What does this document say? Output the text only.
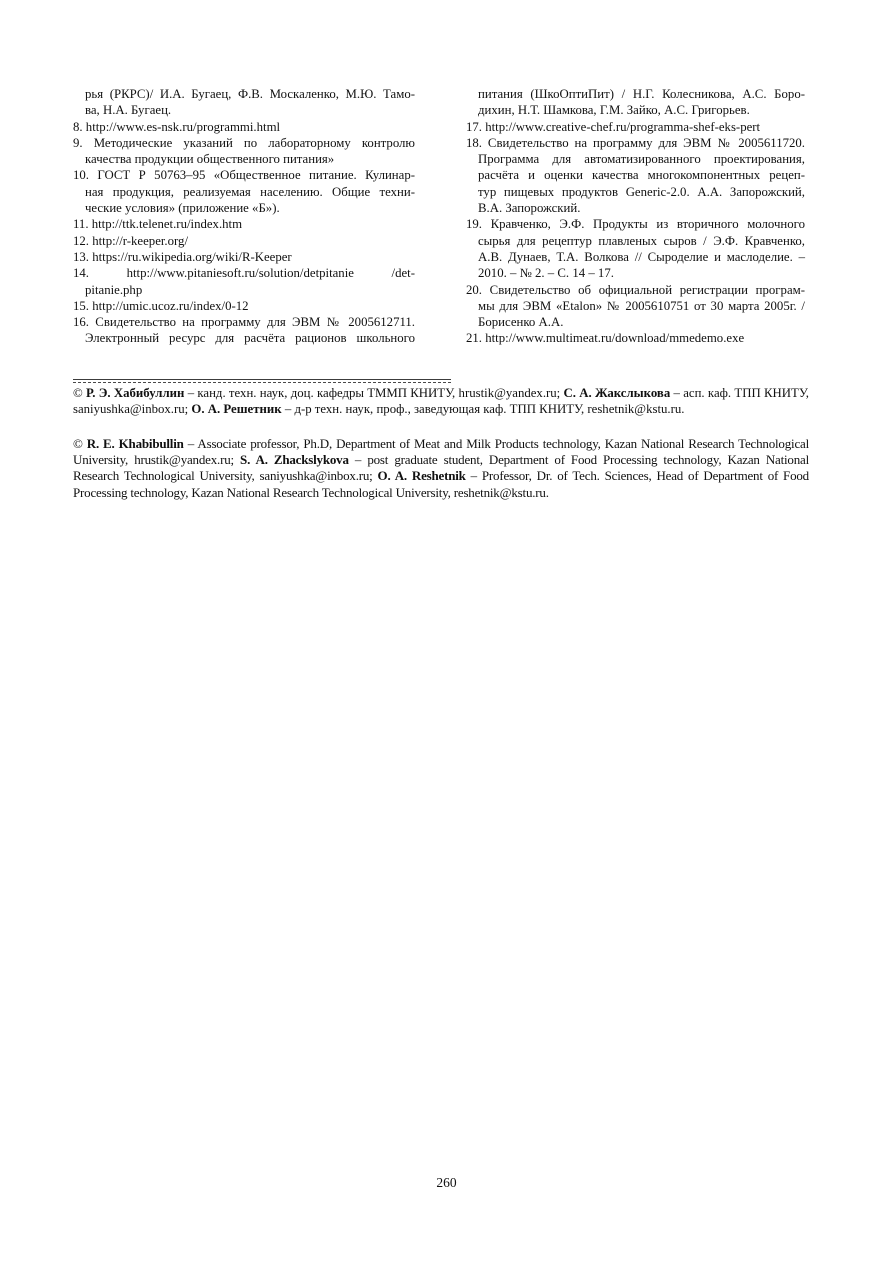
рья (РКРС)/ И.А. Бугаец, Ф.В. Москаленко, М.Ю. Тамо-
ва, Н.А. Бугаец.
8. http://www.es-nsk.ru/programmi.html
9. Методические указаний по лабораторному контролю
качества продукции общественного питания»
10. ГОСТ Р 50763–95 «Общественное питание. Кулинар-
ная продукция, реализуемая населению. Общие техни-
ческие условия» (приложение «Б»).
11. http://ttk.telenet.ru/index.htm
12. http://r-keeper.org/
13. https://ru.wikipedia.org/wiki/R-Keeper
14. http://www.pitaniesoft.ru/solution/detpitanie /det-
pitanie.php
15. http://umic.ucoz.ru/index/0-12
16. Свидетельство на программу для ЭВМ № 2005612711.
Электронный ресурс для расчёта рационов школьного
питания (ШкоОптиПит) / Н.Г. Колесникова, А.С. Боро-
дихин, Н.Т. Шамкова, Г.М. Зайко, А.С. Григорьев.
17. http://www.creative-chef.ru/programma-shef-eks-pert
18. Свидетельство на программу для ЭВМ № 2005611720.
Программа для автоматизированного проектирования,
расчёта и оценки качества многокомпонентных рецеп-
тур пищевых продуктов Generic-2.0. А.А. Запорожский,
В.А. Запорожский.
19. Кравченко, Э.Ф. Продукты из вторичного молочного
сырья для рецептур плавленых сыров / Э.Ф. Кравченко,
А.В. Дунаев, Т.А. Волкова // Сыроделие и маслоделие. –
2010. – № 2. – С. 14 – 17.
20. Свидетельство об официальной регистрации програм-
мы для ЭВМ «Etalon» № 2005610751 от 30 марта 2005г. /
Борисенко А.А.
21. http://www.multimeat.ru/download/mmedemo.exe

© Р. Э. Хабибуллин – канд. техн. наук, доц. кафедры ТММП КНИТУ, hrustik@yandex.ru; С. А. Жакслыкова – асп. каф. ТПП КНИТУ, saniyushka@inbox.ru; О. А. Решетник – д-р техн. наук, проф., заведующая каф. ТПП КНИТУ, reshetnik@kstu.ru.

© R. E. Khabibullin – Associate professor, Ph.D, Department of Meat and Milk Products technology, Kazan National Research Technological University, hrustik@yandex.ru; S. A. Zhackslykova – post graduate student, Department of Food Processing technology, Kazan National Research Technological University, saniyushka@inbox.ru; O. A. Reshetnik – Professor, Dr. of Tech. Sciences, Head of Department of Food Processing technology, Kazan National Research Technological University, reshetnik@kstu.ru.

260
